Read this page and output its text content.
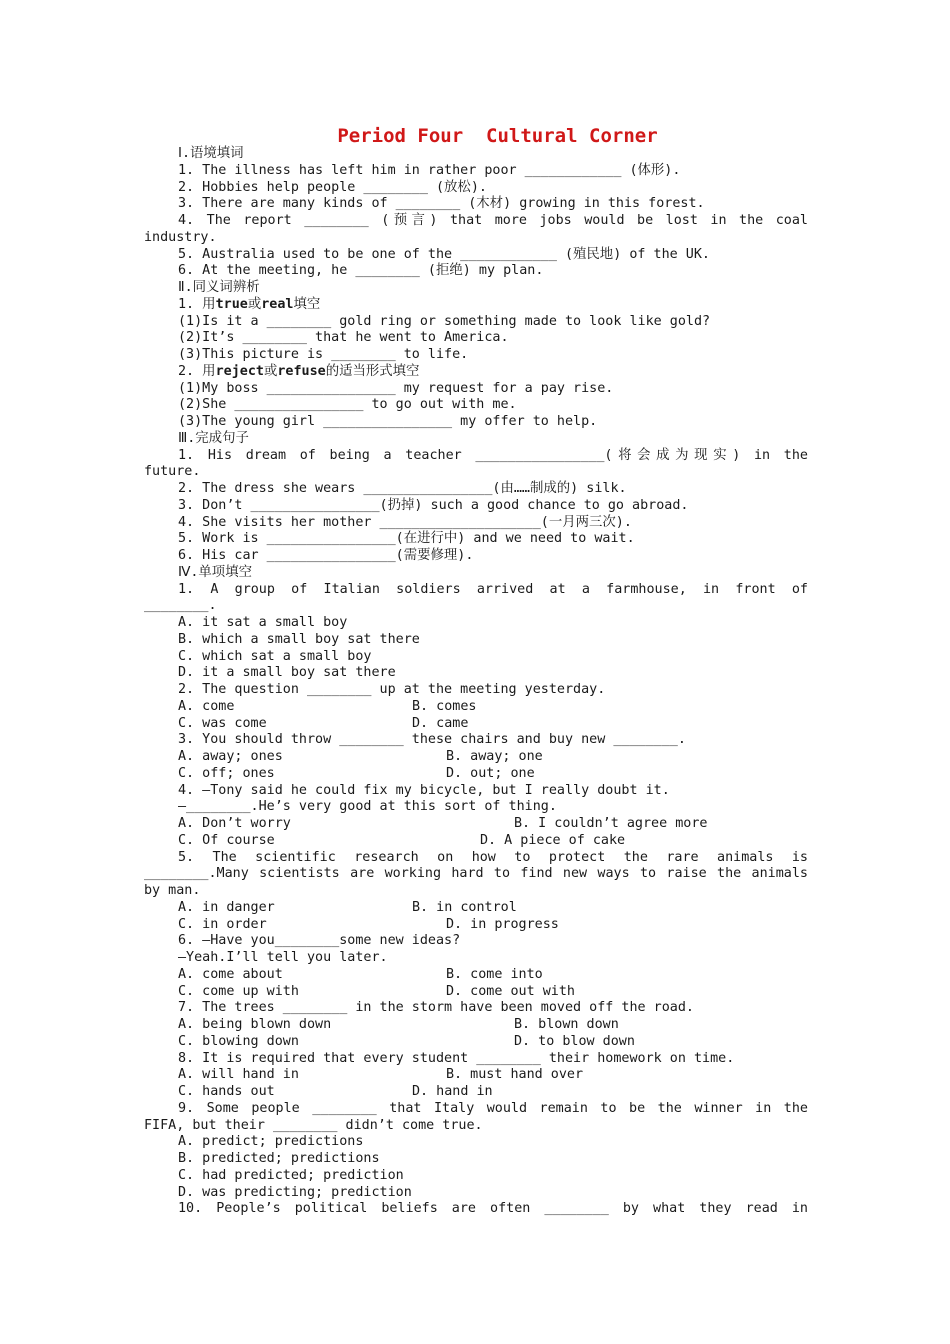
Period Four  Cultural Corner
Ⅰ.语境填词
1. The illness has left him in rather poor ____________ (体形).
2. Hobbies help people ________ (放松).
3. There are many kinds of ________ (木材) growing in this forest.
4. The report ________ (预言) that more jobs would be lost in the coal
industry.
5. Australia used to be one of the ____________ (殖民地) of the UK.
6. At the meeting, he ________ (拒绝) my plan.
Ⅱ.同义词辨析
1. 用true或real填空
(1)Is it a ________ gold ring or something made to look like gold?
(2)It’s ________ that he went to America.
(3)This picture is ________ to life.
2. 用reject或refuse的适当形式填空
(1)My boss ________________ my request for a pay rise.
(2)She ________________ to go out with me.
(3)The young girl ________________ my offer to help.
Ⅲ.完成句子
1. His dream of being a teacher ________________(将会成为现实) in the
future.
2. The dress she wears ________________(由……制成的) silk.
3. Don’t ________________(扔掉) such a good chance to go abroad.
4. She visits her mother ____________________(一月两三次).
5. Work is ________________(在进行中) and we need to wait.
6. His car ________________(需要修理).
Ⅳ.单项填空
1. A group of Italian soldiers arrived at a farmhouse, in front of
________.
A. it sat a small boy
B. which a small boy sat there
C. which sat a small boy
D. it a small boy sat there
2. The question ________ up at the meeting yesterday.
A. come	B. comes
C. was come	D. came
3. You should throw ________ these chairs and buy new ________.
A. away; ones	B. away; one
C. off; ones	D. out; one
4. —Tony said he could fix my bicycle, but I really doubt it.
—________.He’s very good at this sort of thing.
A. Don’t worry	B. I couldn’t agree more
C. Of course	D. A piece of cake
5. The scientific research on how to protect the rare animals is
________.Many scientists are working hard to find new ways to raise the animals
by man.
A. in danger	B. in control
C. in order	D. in progress
6. —Have you________some new ideas?
—Yeah.I’ll tell you later.
A. come about	B. come into
C. come up with	D. come out with
7. The trees ________ in the storm have been moved off the road.
A. being blown down	B. blown down
C. blowing down	D. to blow down
8. It is required that every student ________ their homework on time.
A. will hand in	B. must hand over
C. hands out	D. hand in
9. Some people ________ that Italy would remain to be the winner in the
FIFA, but their ________ didn’t come true.
A. predict; predictions
B. predicted; predictions
C. had predicted; prediction
D. was predicting; prediction
10. People’s political beliefs are often ________ by what they read in
